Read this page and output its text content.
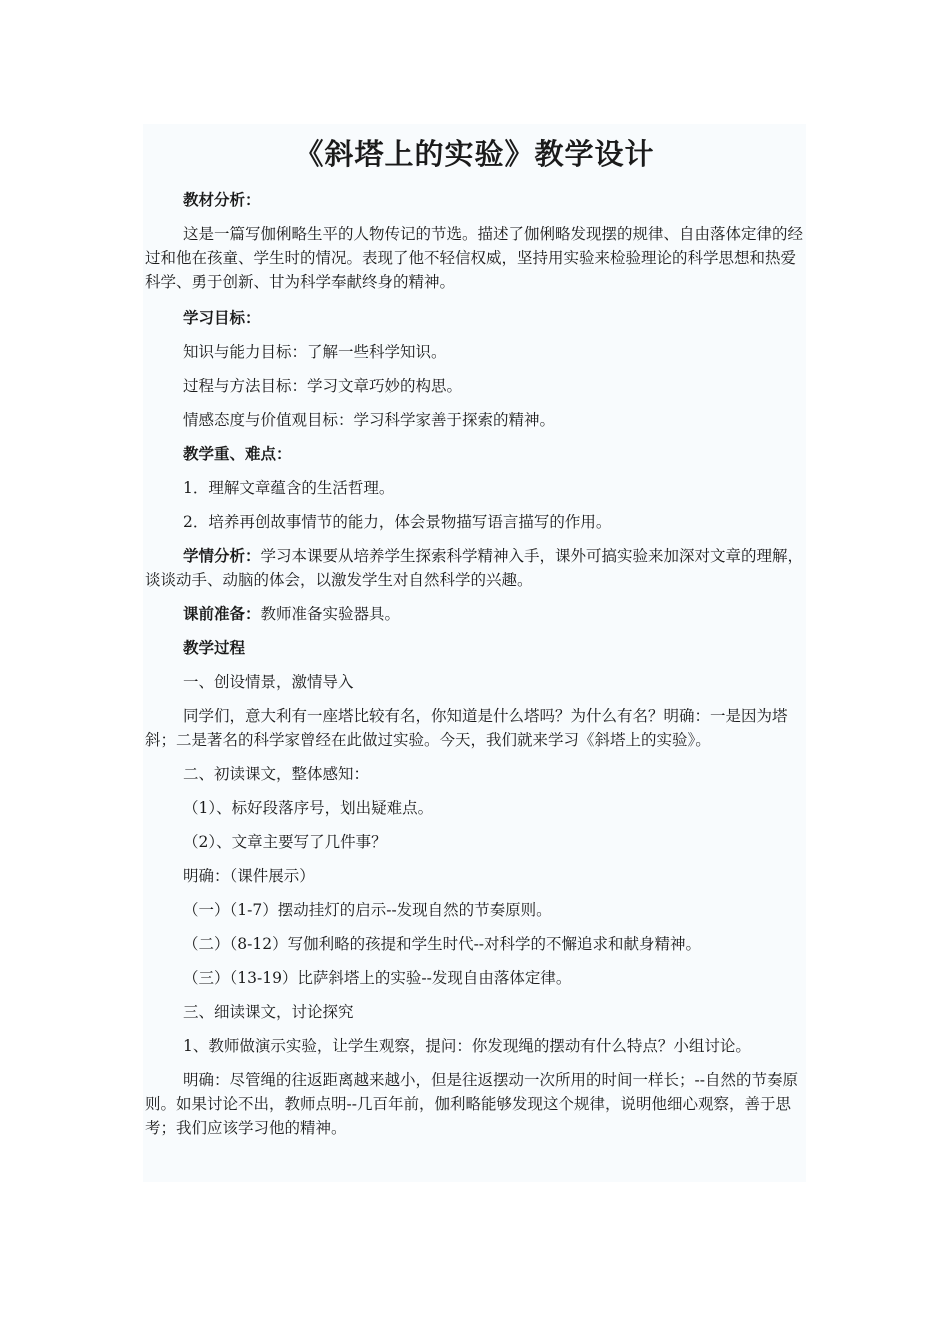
《斜塔上的实验》教学设计

教材分析：

这是一篇写伽俐略生平的人物传记的节选。描述了伽俐略发现摆的规律、自由落体定律的经过和他在孩童、学生时的情况。表现了他不轻信权威，坚持用实验来检验理论的科学思想和热爱科学、勇于创新、甘为科学奉献终身的精神。

学习目标：

知识与能力目标：了解一些科学知识。

过程与方法目标：学习文章巧妙的构思。

情感态度与价值观目标：学习科学家善于探索的精神。

教学重、难点：

1．理解文章蕴含的生活哲理。

2．培养再创故事情节的能力，体会景物描写语言描写的作用。

学情分析：学习本课要从培养学生探索科学精神入手，课外可搞实验来加深对文章的理解，谈谈动手、动脑的体会，以激发学生对自然科学的兴趣。

课前准备：教师准备实验器具。

教学过程

一、创设情景，激情导入

同学们，意大利有一座塔比较有名，你知道是什么塔吗？为什么有名？明确：一是因为塔斜；二是著名的科学家曾经在此做过实验。今天，我们就来学习《斜塔上的实验》。

二、初读课文，整体感知：

（1）、标好段落序号，划出疑难点。

（2）、文章主要写了几件事？

明确：（课件展示）

（一）（1-7）摆动挂灯的启示--发现自然的节奏原则。

（二）（8-12）写伽利略的孩提和学生时代--对科学的不懈追求和献身精神。

（三）（13-19）比萨斜塔上的实验--发现自由落体定律。

三、细读课文，讨论探究

1、教师做演示实验，让学生观察，提问：你发现绳的摆动有什么特点？小组讨论。

明确：尽管绳的往返距离越来越小，但是往返摆动一次所用的时间一样长；--自然的节奏原则。如果讨论不出，教师点明--几百年前，伽利略能够发现这个规律，说明他细心观察，善于思考；我们应该学习他的精神。
